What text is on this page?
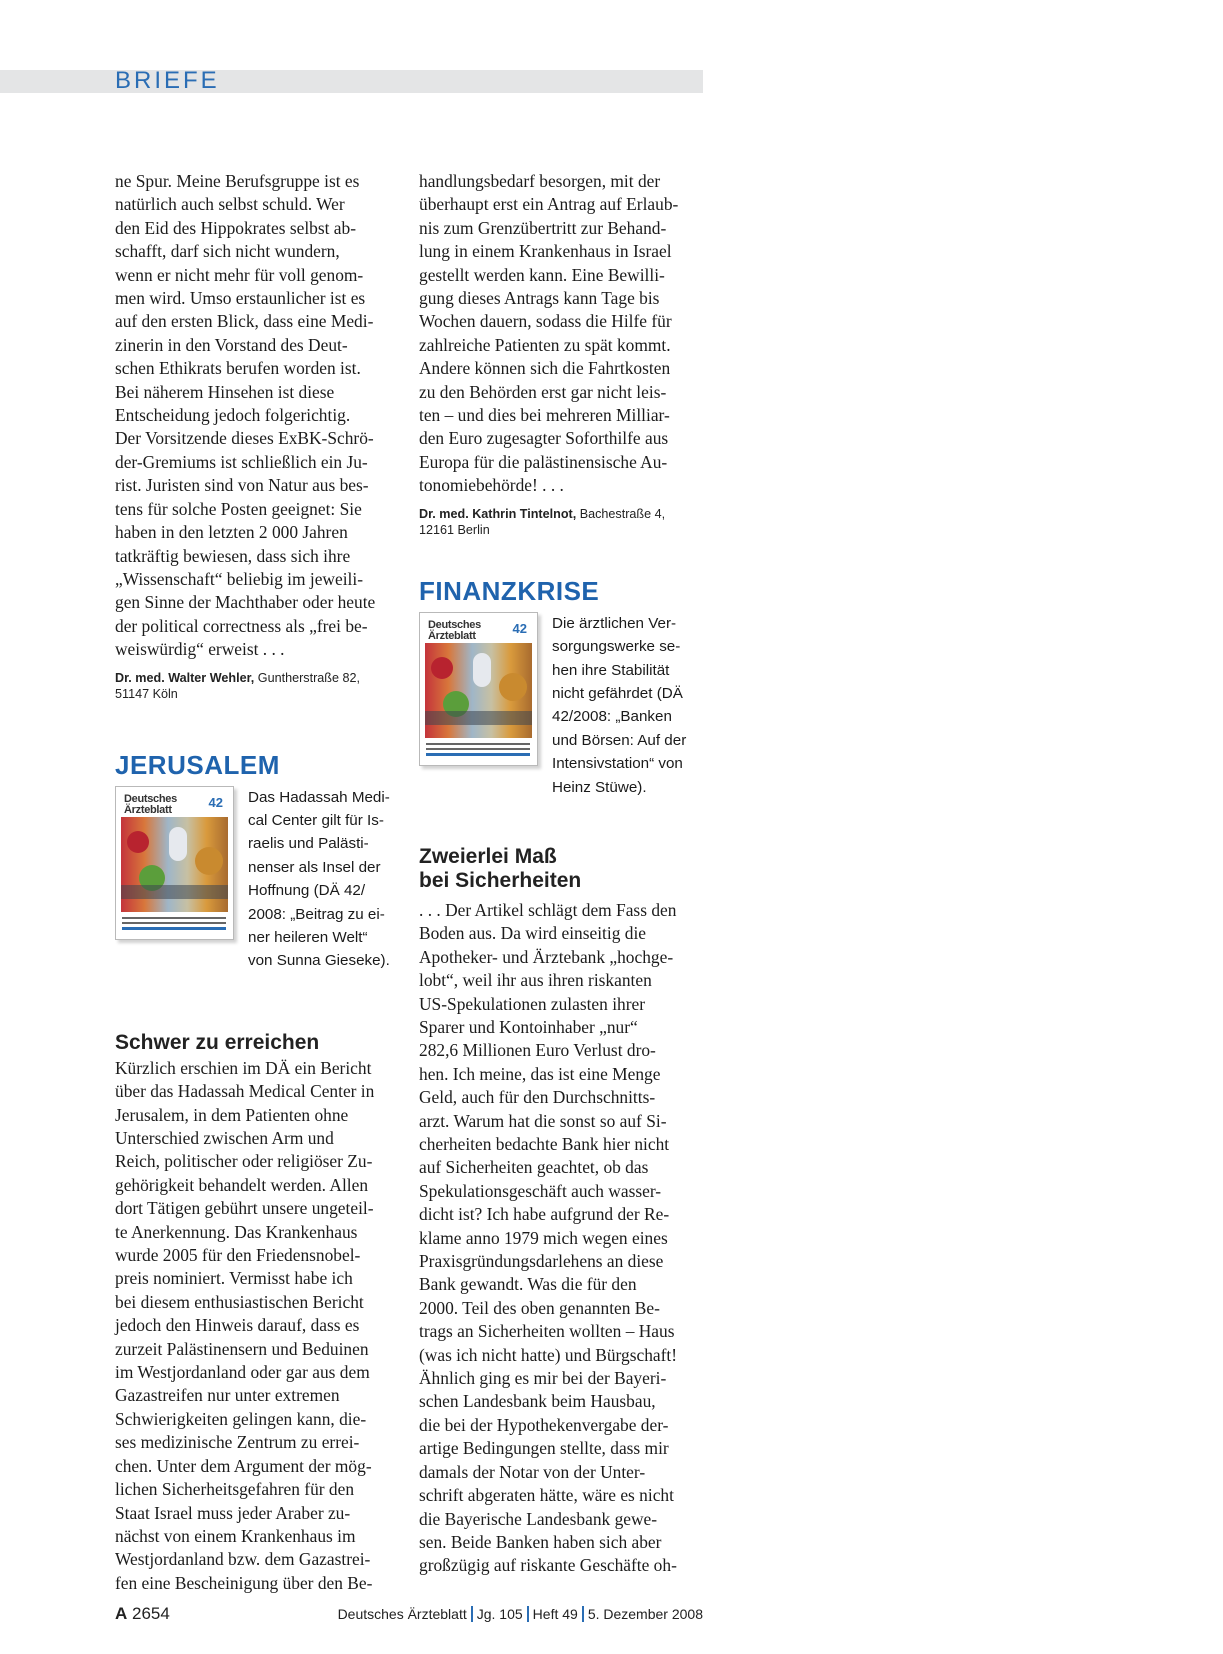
BRIEFE

ne Spur. Meine Berufsgruppe ist es
natürlich auch selbst schuld. Wer
den Eid des Hippokrates selbst ab-
schafft, darf sich nicht wundern,
wenn er nicht mehr für voll genom-
men wird. Umso erstaunlicher ist es
auf den ersten Blick, dass eine Medi-
zinerin in den Vorstand des Deut-
schen Ethikrats berufen worden ist.
Bei näherem Hinsehen ist diese
Entscheidung jedoch folgerichtig.
Der Vorsitzende dieses ExBK-Schrö-
der-Gremiums ist schließlich ein Ju-
rist. Juristen sind von Natur aus bes-
tens für solche Posten geeignet: Sie
haben in den letzten 2 000 Jahren
tatkräftig bewiesen, dass sich ihre
„Wissenschaft“ beliebig im jeweili-
gen Sinne der Machthaber oder heute
der political correctness als „frei be-
weiswürdig“ erweist . . .

Dr. med. Walter Wehler, Guntherstraße 82,
51147 Köln

JERUSALEM
Deutsches
Ärzteblatt	42 Das Hadassah Medi-
cal Center gilt für Is-
raelis und Palästi-
nenser als Insel der
Hoffnung (DÄ 42/
2008: „Beitrag zu ei-
ner heileren Welt“
von Sunna Gieseke).

Schwer zu erreichen

Kürzlich erschien im DÄ ein Bericht
über das Hadassah Medical Center in
Jerusalem, in dem Patienten ohne
Unterschied zwischen Arm und
Reich, politischer oder religiöser Zu-
gehörigkeit behandelt werden. Allen
dort Tätigen gebührt unsere ungeteil-
te Anerkennung. Das Krankenhaus
wurde 2005 für den Friedensnobel-
preis nominiert. Vermisst habe ich
bei diesem enthusiastischen Bericht
jedoch den Hinweis darauf, dass es
zurzeit Palästinensern und Beduinen
im Westjordanland oder gar aus dem
Gazastreifen nur unter extremen
Schwierigkeiten gelingen kann, die-
ses medizinische Zentrum zu errei-
chen. Unter dem Argument der mög-
lichen Sicherheitsgefahren für den
Staat Israel muss jeder Araber zu-
nächst von einem Krankenhaus im
Westjordanland bzw. dem Gazastrei-
fen eine Bescheinigung über den Be-

handlungsbedarf besorgen, mit der
überhaupt erst ein Antrag auf Erlaub-
nis zum Grenzübertritt zur Behand-
lung in einem Krankenhaus in Israel
gestellt werden kann. Eine Bewilli-
gung dieses Antrags kann Tage bis
Wochen dauern, sodass die Hilfe für
zahlreiche Patienten zu spät kommt.
Andere können sich die Fahrtkosten
zu den Behörden erst gar nicht leis-
ten – und dies bei mehreren Milliar-
den Euro zugesagter Soforthilfe aus
Europa für die palästinensische Au-
tonomiebehörde! . . .

Dr. med. Kathrin Tintelnot, Bachestraße 4,
12161 Berlin

FINANZKRISE
Deutsches
Ärzteblatt	42 Die ärztlichen Ver-
sorgungswerke se-
hen ihre Stabilität
nicht gefährdet (DÄ
42/2008: „Banken
und Börsen: Auf der
Intensivstation“ von
Heinz Stüwe).

Zweierlei Maß
bei Sicherheiten

. . . Der Artikel schlägt dem Fass den
Boden aus. Da wird einseitig die
Apotheker- und Ärztebank „hochge-
lobt“, weil ihr aus ihren riskanten
US-Spekulationen zulasten ihrer
Sparer und Kontoinhaber „nur“
282,6 Millionen Euro Verlust dro-
hen. Ich meine, das ist eine Menge
Geld, auch für den Durchschnitts-
arzt. Warum hat die sonst so auf Si-
cherheiten bedachte Bank hier nicht
auf Sicherheiten geachtet, ob das
Spekulationsgeschäft auch wasser-
dicht ist? Ich habe aufgrund der Re-
klame anno 1979 mich wegen eines
Praxisgründungsdarlehens an diese
Bank gewandt. Was die für den
2000. Teil des oben genannten Be-
trags an Sicherheiten wollten – Haus
(was ich nicht hatte) und Bürgschaft!
Ähnlich ging es mir bei der Bayeri-
schen Landesbank beim Hausbau,
die bei der Hypothekenvergabe der-
artige Bedingungen stellte, dass mir
damals der Notar von der Unter-
schrift abgeraten hätte, wäre es nicht
die Bayerische Landesbank gewe-
sen. Beide Banken haben sich aber
großzügig auf riskante Geschäfte oh-

A 2654	Deutsches Ärzteblatt Jg. 105 Heft 49 5. Dezember 2008
